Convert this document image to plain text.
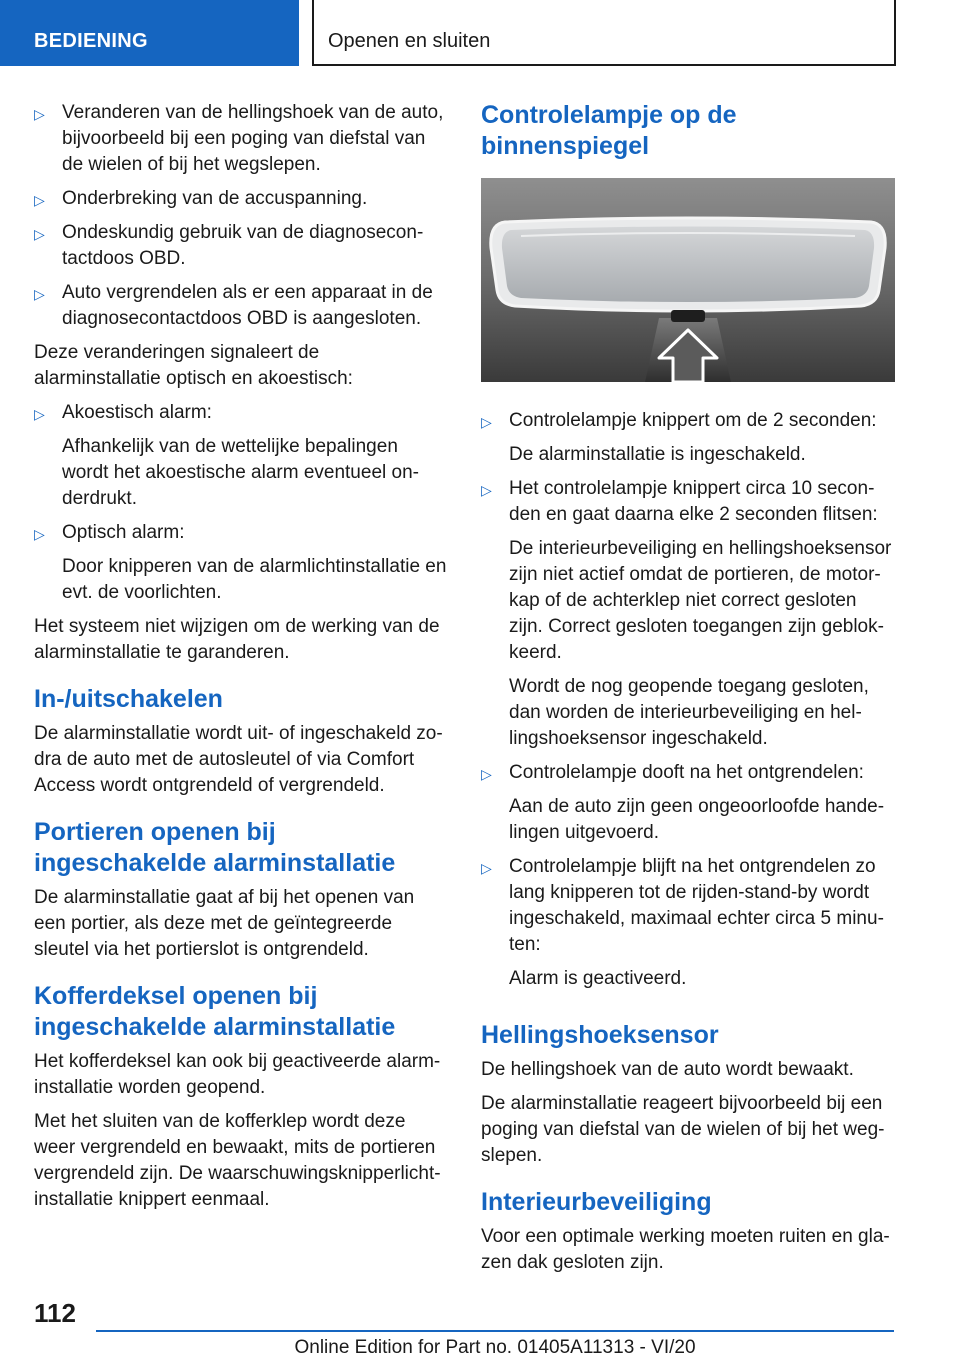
BEDIENING	Openen en sluiten
▷ Veranderen van de hellingshoek van de auto, bijvoorbeeld bij een poging van diefstal van de wielen of bij het wegslepen.
▷ Onderbreking van de accuspanning.
▷ Ondeskundig gebruik van de diagnosecontactdoos OBD.
▷ Auto vergrendelen als er een apparaat in de diagnosecontactdoos OBD is aangesloten.

Deze veranderingen signaleert de alarminstallatie optisch en akoestisch:

▷ Akoestisch alarm:
Afhankelijk van de wettelijke bepalingen wordt het akoestische alarm eventueel onderdrukt.
▷ Optisch alarm:
Door knipperen van de alarmlichtinstallatie en evt. de voorlichten.

Het systeem niet wijzigen om de werking van de alarminstallatie te garanderen.

In-/uitschakelen

De alarminstallatie wordt uit- of ingeschakeld zodra de auto met de autosleutel of via Comfort Access wordt ontgrendeld of vergrendeld.

Portieren openen bij ingeschakelde alarminstallatie

De alarminstallatie gaat af bij het openen van een portier, als deze met de geïntegreerde sleutel via het portierslot is ontgrendeld.

Kofferdeksel openen bij ingeschakelde alarminstallatie

Het kofferdeksel kan ook bij geactiveerde alarminstallatie worden geopend.

Met het sluiten van de kofferklep wordt deze weer vergrendeld en bewaakt, mits de portieren vergrendeld zijn. De waarschuwingsknipperlichtinstallatie knippert eenmaal.

Controlelampje op de binnenspiegel
▷ Controlelampje knippert om de 2 seconden:
De alarminstallatie is ingeschakeld.
▷ Het controlelampje knippert circa 10 seconden en gaat daarna elke 2 seconden flitsen:
De interieurbeveiliging en hellingshoeksensor zijn niet actief omdat de portieren, de motorkap of de achterklep niet correct gesloten zijn. Correct gesloten toegangen zijn geblokkeerd.
Wordt de nog geopende toegang gesloten, dan worden de interieurbeveiliging en hellingshoeksensor ingeschakeld.
▷ Controlelampje dooft na het ontgrendelen:
Aan de auto zijn geen ongeoorloofde handelingen uitgevoerd.
▷ Controlelampje blijft na het ontgrendelen zo lang knipperen tot de rijden-stand-by wordt ingeschakeld, maximaal echter circa 5 minuten:
Alarm is geactiveerd.
Hellingshoeksensor

De hellingshoek van de auto wordt bewaakt.

De alarminstallatie reageert bijvoorbeeld bij een poging van diefstal van de wielen of bij het wegslepen.

Interieurbeveiliging

Voor een optimale werking moeten ruiten en glazen dak gesloten zijn.

112
Online Edition for Part no. 01405A11313 - VI/20
